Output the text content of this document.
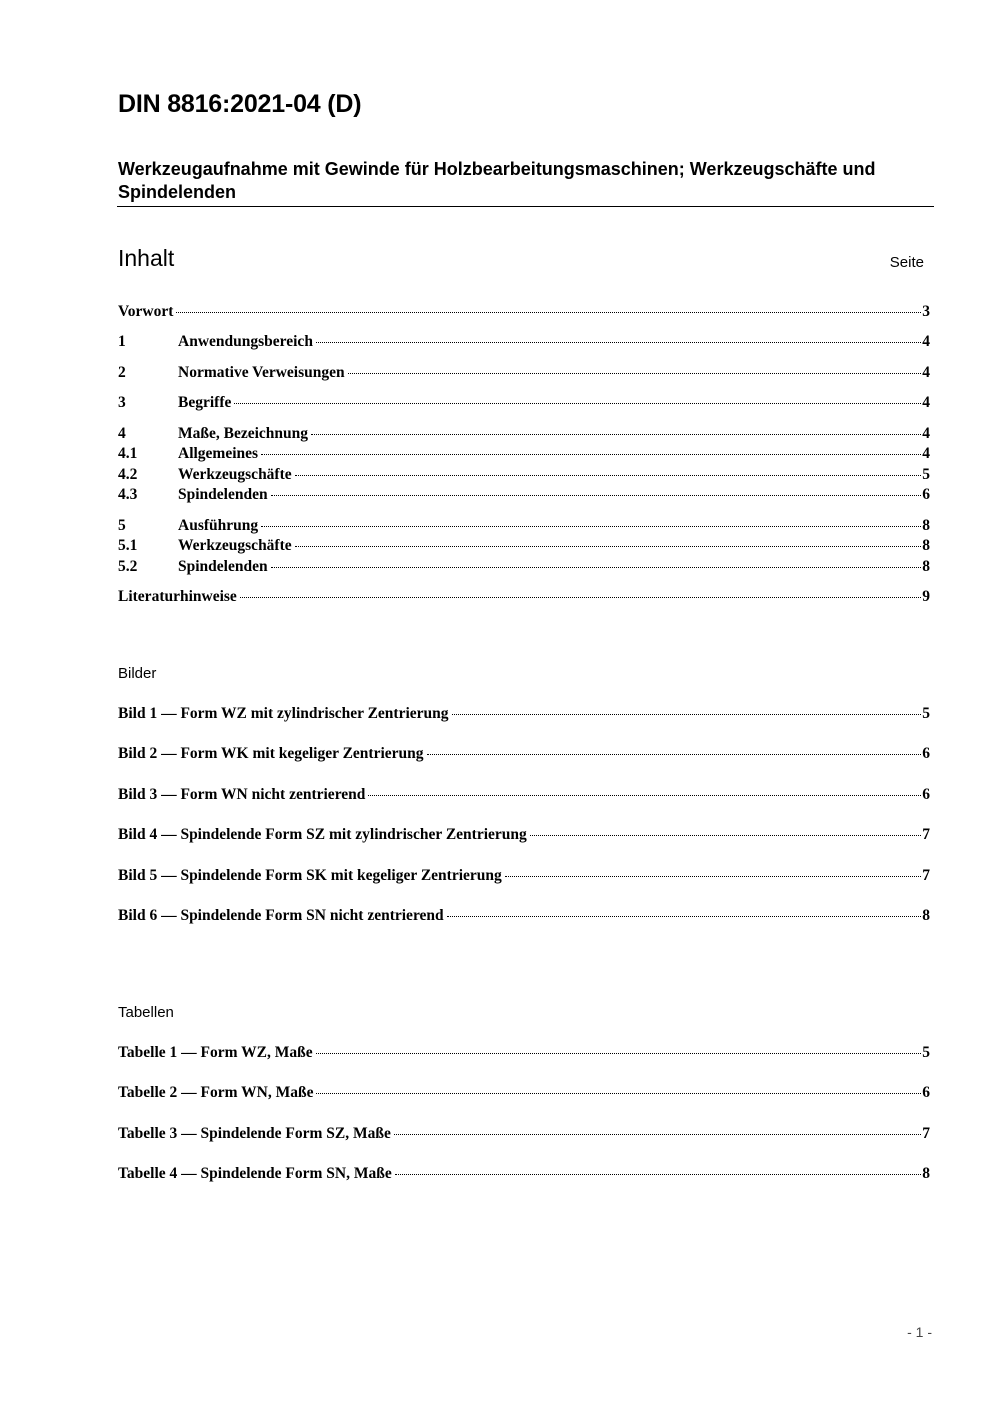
DIN 8816:2021-04 (D)
Werkzeugaufnahme mit Gewinde für Holzbearbeitungsmaschinen; Werkzeugschäfte und Spindelenden
Inhalt	Seite
Vorwort	3
1	Anwendungsbereich	4
2	Normative Verweisungen	4
3	Begriffe	4
4	Maße, Bezeichnung	4
4.1	Allgemeines	4
4.2	Werkzeugschäfte	5
4.3	Spindelenden	6
5	Ausführung	8
5.1	Werkzeugschäfte	8
5.2	Spindelenden	8
Literaturhinweise	9
Bilder
Bild 1 — Form WZ mit zylindrischer Zentrierung	5
Bild 2 — Form WK mit kegeliger Zentrierung	6
Bild 3 — Form WN nicht zentrierend	6
Bild 4 — Spindelende Form SZ mit zylindrischer Zentrierung	7
Bild 5 — Spindelende Form SK mit kegeliger Zentrierung	7
Bild 6 — Spindelende Form SN nicht zentrierend	8
Tabellen
Tabelle 1 — Form WZ, Maße	5
Tabelle 2 — Form WN, Maße	6
Tabelle 3 — Spindelende Form SZ, Maße	7
Tabelle 4 — Spindelende Form SN, Maße	8
- 1 -
